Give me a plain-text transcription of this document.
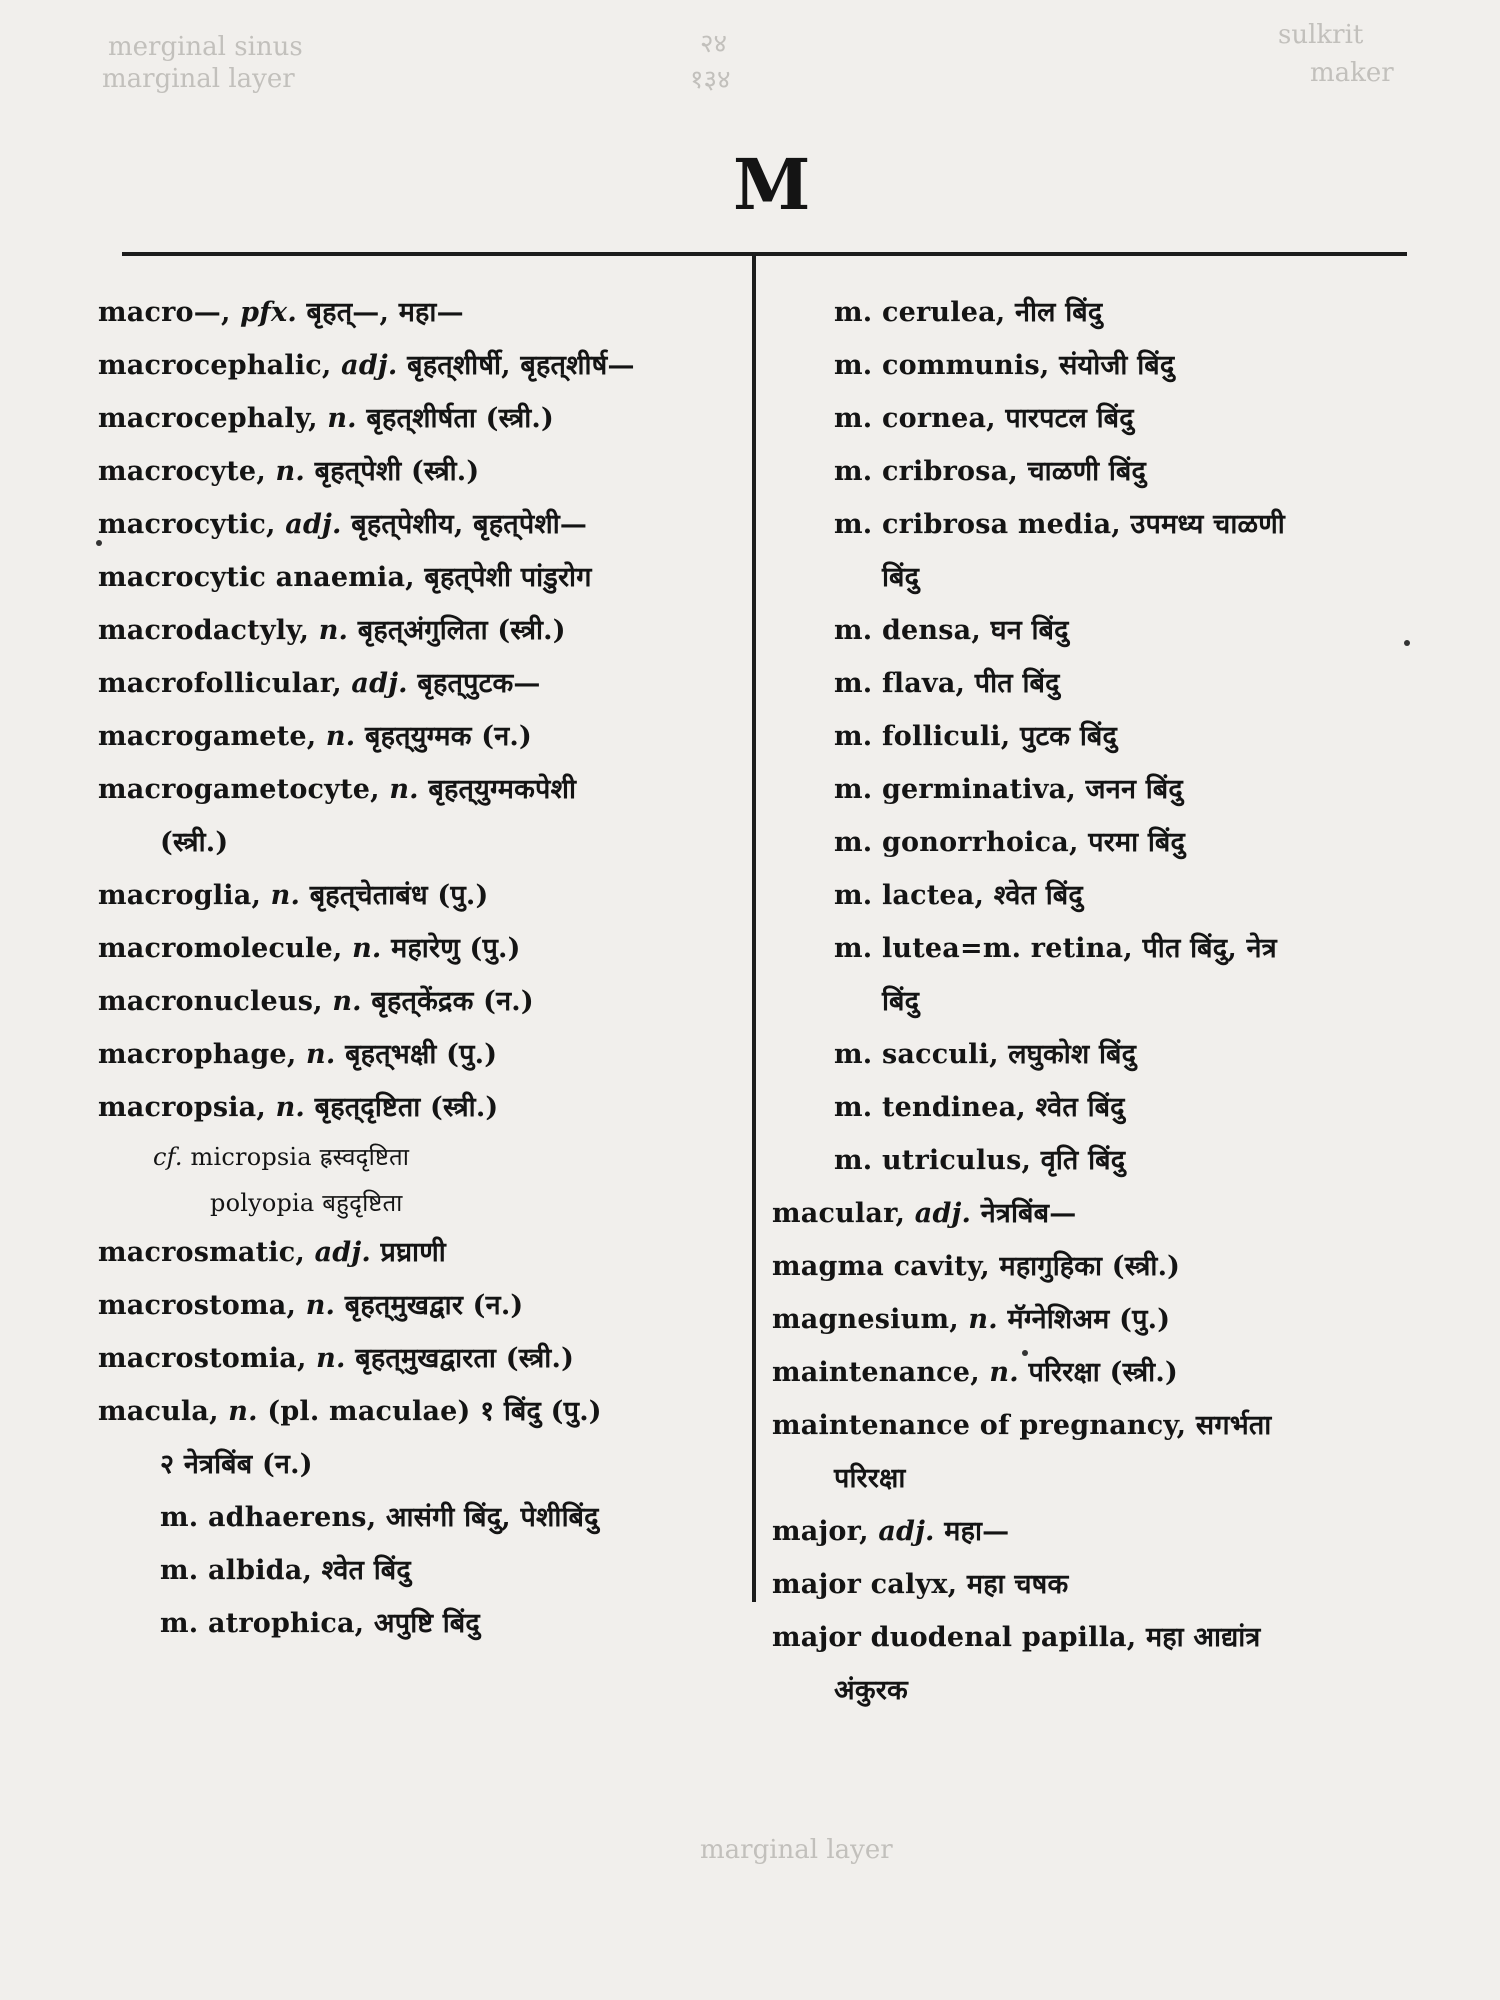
merginal sinus
marginal layer
२४
१३४
sulkrit
maker
marginal layer
M
macro—, pfx. बृहत्—, महा—
macrocephalic, adj. बृहत्‌शीर्षी, बृहत्‌शीर्ष—
macrocephaly, n. बृहत्‌शीर्षता (स्त्री.)
macrocyte, n. बृहत्‌पेशी (स्त्री.)
macrocytic, adj. बृहत्‌पेशीय, बृहत्‌पेशी—
macrocytic anaemia, बृहत्‌पेशी पांडुरोग
macrodactyly, n. बृहत्‌अंगुलिता (स्त्री.)
macrofollicular, adj. बृहत्‌पुटक—
macrogamete, n. बृहत्‌युग्मक (न.)
macrogametocyte, n. बृहत्‌युग्मकपेशी
(स्त्री.)
macroglia, n. बृहत्‌चेताबंध (पु.)
macromolecule, n. महारेणु (पु.)
macronucleus, n. बृहत्‌केंद्रक (न.)
macrophage, n. बृहत्‌भक्षी (पु.)
macropsia, n. बृहत्‌दृष्टिता (स्त्री.)
cf. micropsia ह्रस्वदृष्टिता
polyopia बहुदृष्टिता
macrosmatic, adj. प्रघ्राणी
macrostoma, n. बृहत्‌मुखद्वार (न.)
macrostomia, n. बृहत्‌मुखद्वारता (स्त्री.)
macula, n. (pl. maculae) १ बिंदु (पु.)
२ नेत्रबिंब (न.)
m. adhaerens, आसंगी बिंदु, पेशीबिंदु
m. albida, श्वेत बिंदु
m. atrophica, अपुष्टि बिंदु
m. cerulea, नील बिंदु
m. communis, संयोजी बिंदु
m. cornea, पारपटल बिंदु
m. cribrosa, चाळणी बिंदु
m. cribrosa media, उपमध्य चाळणी
बिंदु
m. densa, घन बिंदु
m. flava, पीत बिंदु
m. folliculi, पुटक बिंदु
m. germinativa, जनन बिंदु
m. gonorrhoica, परमा बिंदु
m. lactea, श्वेत बिंदु
m. lutea=m. retina, पीत बिंदु, नेत्र
बिंदु
m. sacculi, लघुकोश बिंदु
m. tendinea, श्वेत बिंदु
m. utriculus, वृति बिंदु
macular, adj. नेत्रबिंब—
magma cavity, महागुहिका (स्त्री.)
magnesium, n. मॅग्नेशिअम (पु.)
maintenance, n. परिरक्षा (स्त्री.)
maintenance of pregnancy, सगर्भता
परिरक्षा
major, adj. महा—
major calyx, महा चषक
major duodenal papilla, महा आद्यांत्र
अंकुरक
